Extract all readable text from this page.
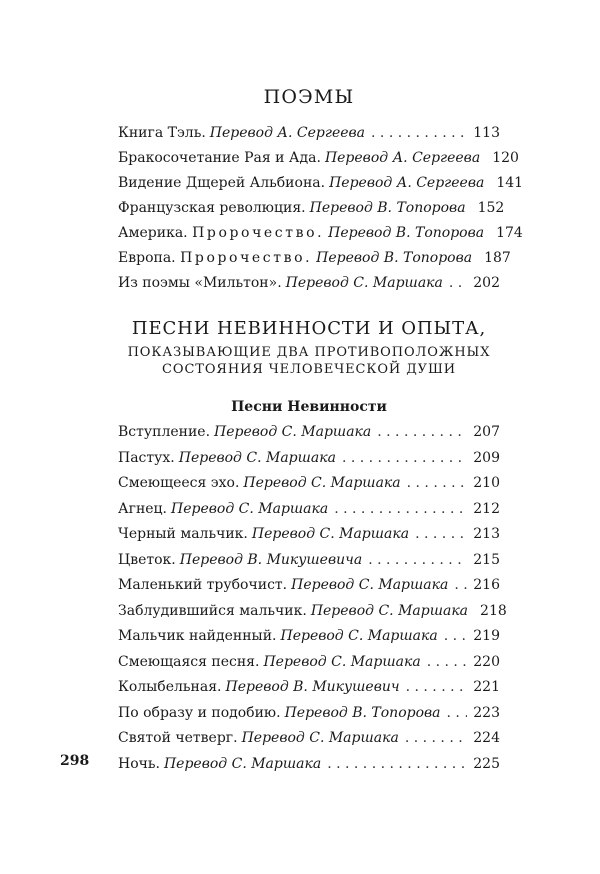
ПОЭМЫ
Книга Тэль. Перевод А. Сергеева . . .	113
Бракосочетание Рая и Ада. Перевод А. Сергеева 120
Видение Дщерей Альбиона. Перевод А. Сергеева 141
Французская революция. Перевод В. Топорова 152
Америка. Пророчество. Перевод В. Топорова 174
Европа. Пророчество. Перевод В. Топорова 187
Из поэмы «Мильтон». Перевод С. Маршака . . . 202
ПЕСНИ НЕВИННОСТИ И ОПЫТА,
ПОКАЗЫВАЮЩИЕ ДВА ПРОТИВОПОЛОЖНЫХ
СОСТОЯНИЯ ЧЕЛОВЕЧЕСКОЙ ДУШИ
Песни Невинности
Вступление. Перевод С. Маршака . . .	207
Пастух. Перевод С. Маршака . . .	209
Смеющееся эхо. Перевод С. Маршака . . .	210
Агнец. Перевод С. Маршака . . .	212
Черный мальчик. Перевод С. Маршака . . .	213
Цветок. Перевод В. Микушевича . . .	215
Маленький трубочист. Перевод С. Маршака . . . 216
Заблудившийся мальчик. Перевод С. Маршака 218
Мальчик найденный. Перевод С. Маршака . . .	219
Смеющаяся песня. Перевод С. Маршака . . .	220
Колыбельная. Перевод В. Микушевич . . .	221
По образу и подобию. Перевод В. Топорова . . . 223
Святой четверг. Перевод С. Маршака . . .	224
Ночь. Перевод С. Маршака . . .	225
298
